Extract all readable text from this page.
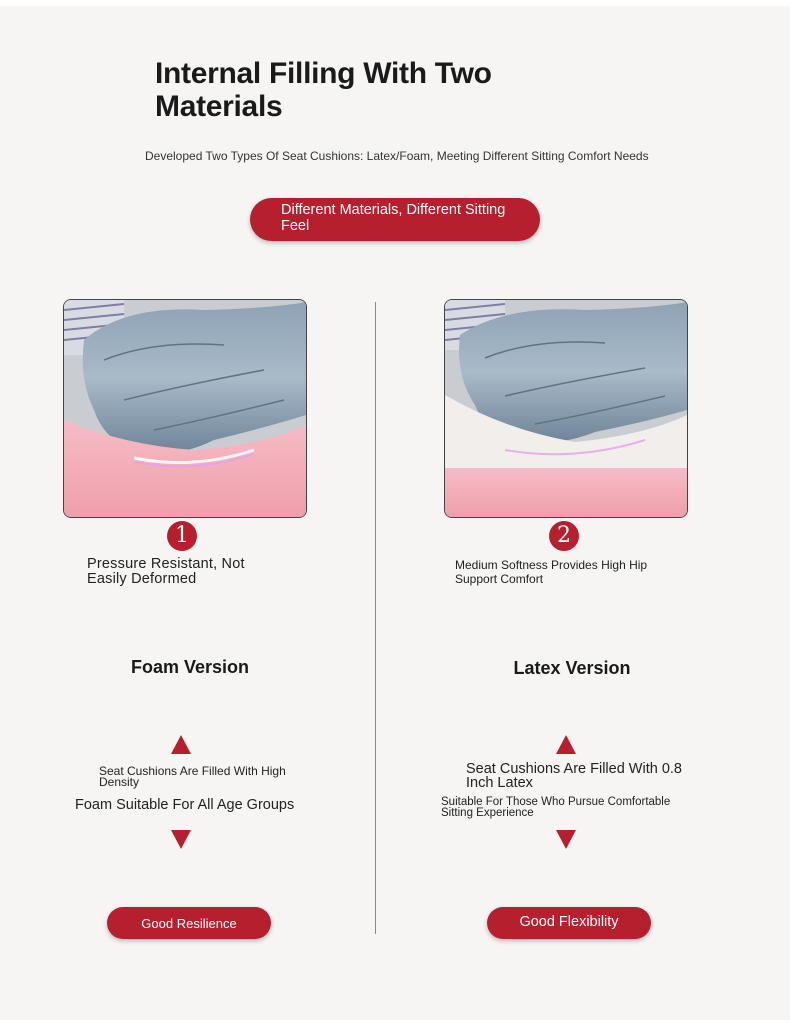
Internal Filling With Two Materials
Developed Two Types Of Seat Cushions: Latex/Foam, Meeting Different Sitting Comfort Needs
Different Materials, Different Sitting Feel
1	2
Pressure Resistant, Not Easily Deformed
Medium Softness Provides High Hip Support Comfort
Foam Version	Latex Version
Seat Cushions Are Filled With High Density
Foam Suitable For All Age Groups
Seat Cushions Are Filled With 0.8 Inch Latex
Suitable For Those Who Pursue Comfortable Sitting Experience
Good Resilience	Good Flexibility
